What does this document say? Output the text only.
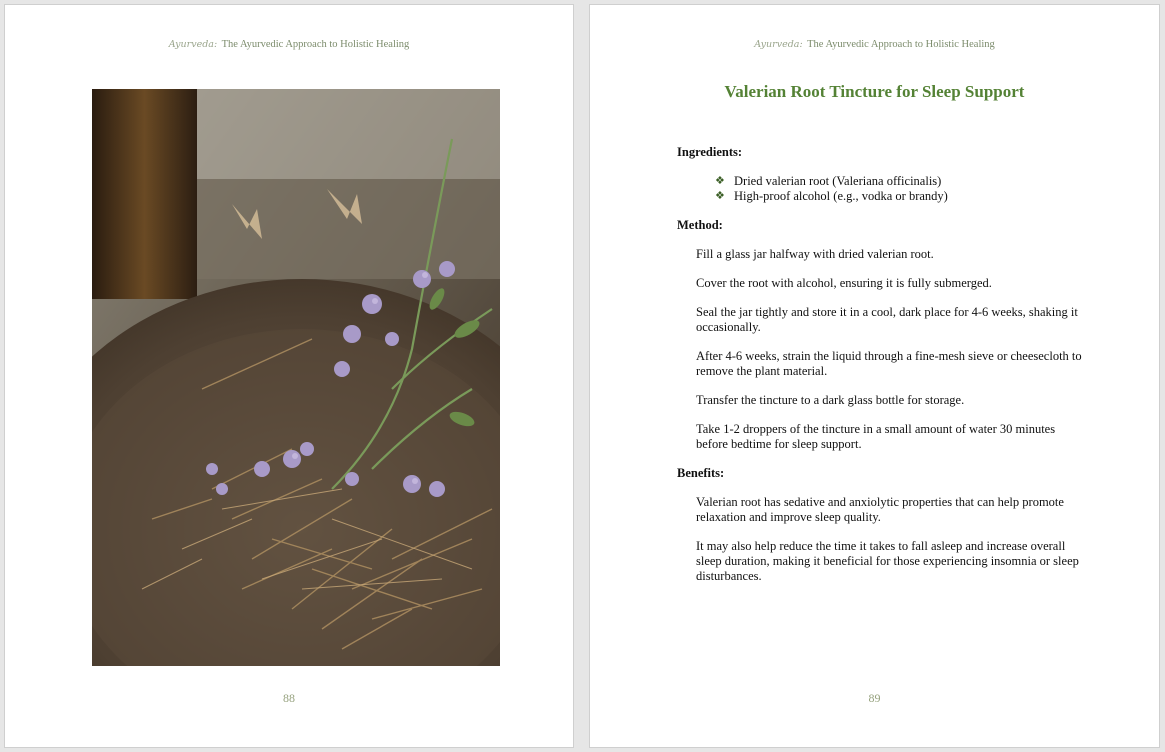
Ayurveda: The Ayurvedic Approach to Holistic Healing
88
Ayurveda: The Ayurvedic Approach to Holistic Healing
Valerian Root Tincture for Sleep Support

Ingredients:

❖ Dried valerian root (Valeriana officinalis)
❖ High-proof alcohol (e.g., vodka or brandy)

Method:

Fill a glass jar halfway with dried valerian root.

Cover the root with alcohol, ensuring it is fully submerged.

Seal the jar tightly and store it in a cool, dark place for 4-6 weeks, shaking it occasionally.

After 4-6 weeks, strain the liquid through a fine-mesh sieve or cheesecloth to remove the plant material.

Transfer the tincture to a dark glass bottle for storage.

Take 1-2 droppers of the tincture in a small amount of water 30 minutes before bedtime for sleep support.

Benefits:

Valerian root has sedative and anxiolytic properties that can help promote relaxation and improve sleep quality.

It may also help reduce the time it takes to fall asleep and increase overall sleep duration, making it beneficial for those experiencing insomnia or sleep disturbances.

89
